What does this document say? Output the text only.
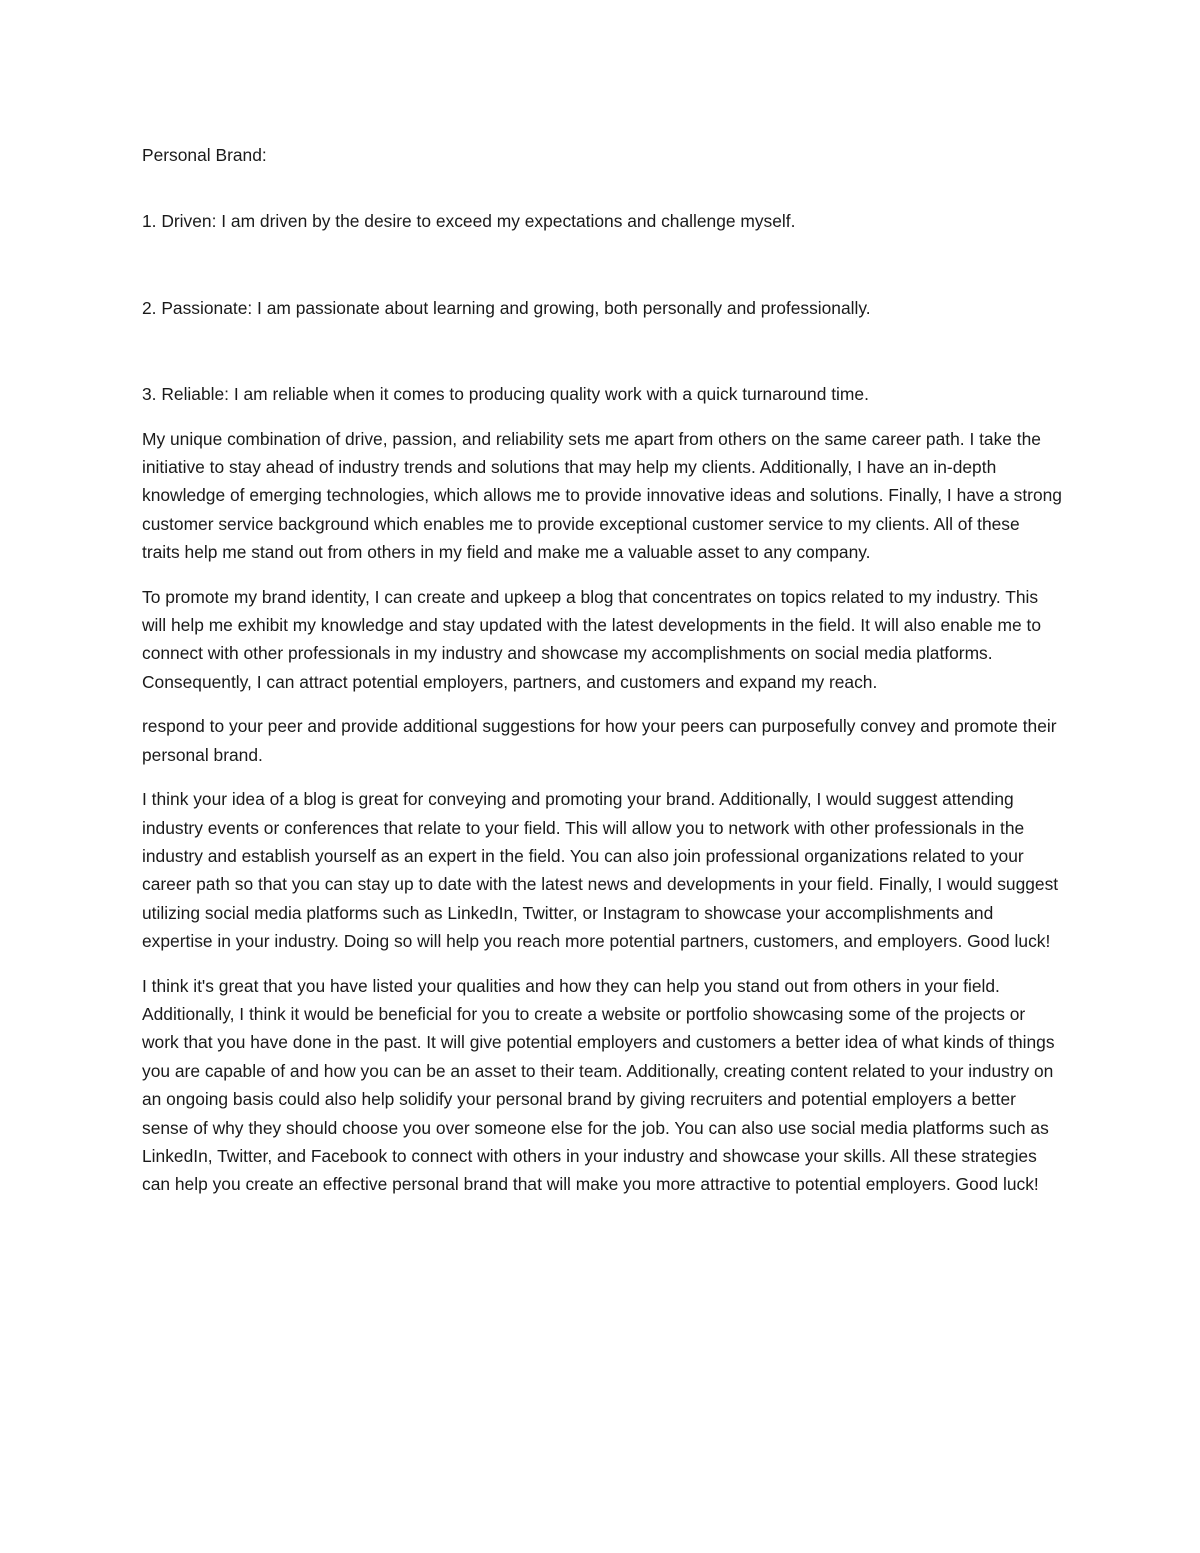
Personal Brand:

1. Driven: I am driven by the desire to exceed my expectations and challenge myself.

2. Passionate: I am passionate about learning and growing, both personally and professionally.

3. Reliable: I am reliable when it comes to producing quality work with a quick turnaround time.

My unique combination of drive, passion, and reliability sets me apart from others on the same career path. I take the initiative to stay ahead of industry trends and solutions that may help my clients. Additionally, I have an in-depth knowledge of emerging technologies, which allows me to provide innovative ideas and solutions. Finally, I have a strong customer service background which enables me to provide exceptional customer service to my clients. All of these traits help me stand out from others in my field and make me a valuable asset to any company.

To promote my brand identity, I can create and upkeep a blog that concentrates on topics related to my industry. This will help me exhibit my knowledge and stay updated with the latest developments in the field. It will also enable me to connect with other professionals in my industry and showcase my accomplishments on social media platforms. Consequently, I can attract potential employers, partners, and customers and expand my reach.

respond to your peer and provide additional suggestions for how your peers can purposefully convey and promote their personal brand.

I think your idea of a blog is great for conveying and promoting your brand. Additionally, I would suggest attending industry events or conferences that relate to your field. This will allow you to network with other professionals in the industry and establish yourself as an expert in the field. You can also join professional organizations related to your career path so that you can stay up to date with the latest news and developments in your field. Finally, I would suggest utilizing social media platforms such as LinkedIn, Twitter, or Instagram to showcase your accomplishments and expertise in your industry. Doing so will help you reach more potential partners, customers, and employers. Good luck!

I think it's great that you have listed your qualities and how they can help you stand out from others in your field. Additionally, I think it would be beneficial for you to create a website or portfolio showcasing some of the projects or work that you have done in the past. It will give potential employers and customers a better idea of what kinds of things you are capable of and how you can be an asset to their team. Additionally, creating content related to your industry on an ongoing basis could also help solidify your personal brand by giving recruiters and potential employers a better sense of why they should choose you over someone else for the job. You can also use social media platforms such as LinkedIn, Twitter, and Facebook to connect with others in your industry and showcase your skills. All these strategies can help you create an effective personal brand that will make you more attractive to potential employers. Good luck!
